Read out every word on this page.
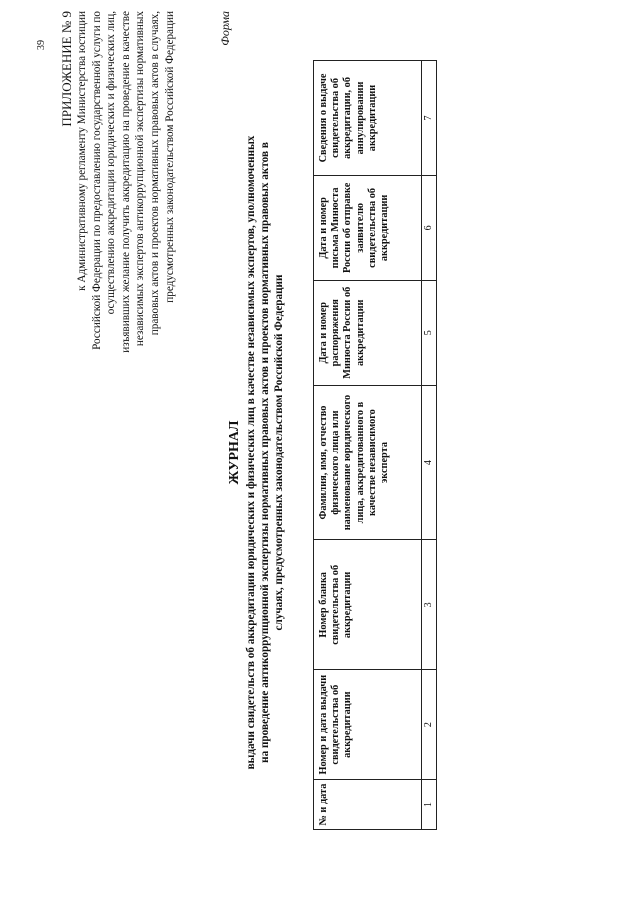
39 ПРИЛОЖЕНИЕ № 9 к Административному регламенту Министерства юстиции Российской Федерации по предоставлению государственной услуги по осуществлению аккредитации юридических и физических лиц, изъявивших желание получить аккредитацию на проведение в качестве независимых экспертов антикоррупционной экспертизы нормативных правовых актов и проектов нормативных правовых актов в случаях, предусмотренных законодательством Российской Федерации	Форма
ЖУРНАЛ выдачи свидетельств об аккредитации юридических и физических лиц в качестве независимых экспертов, уполномоченных на проведение антикоррупционной экспертизы нормативных правовых актов и проектов нормативных правовых актов в случаях, предусмотренных законодательством Российской Федерации
№ и дата	Номер и дата выдачи свидетельства об аккредитации	Номер бланка свидетельства об аккредитации	Фамилия, имя, отчество физического лица или наименование юридического лица, аккредитованного в качестве независимого эксперта	Дата и номер распоряжения Минюста России об аккредитации	Дата и номер письма Минюста России об отправке заявителю свидетельства об аккредитации	Сведения о выдаче свидетельства об аккредитации, об аннулировании аккредитации
1	2	3	4	5	6	7
